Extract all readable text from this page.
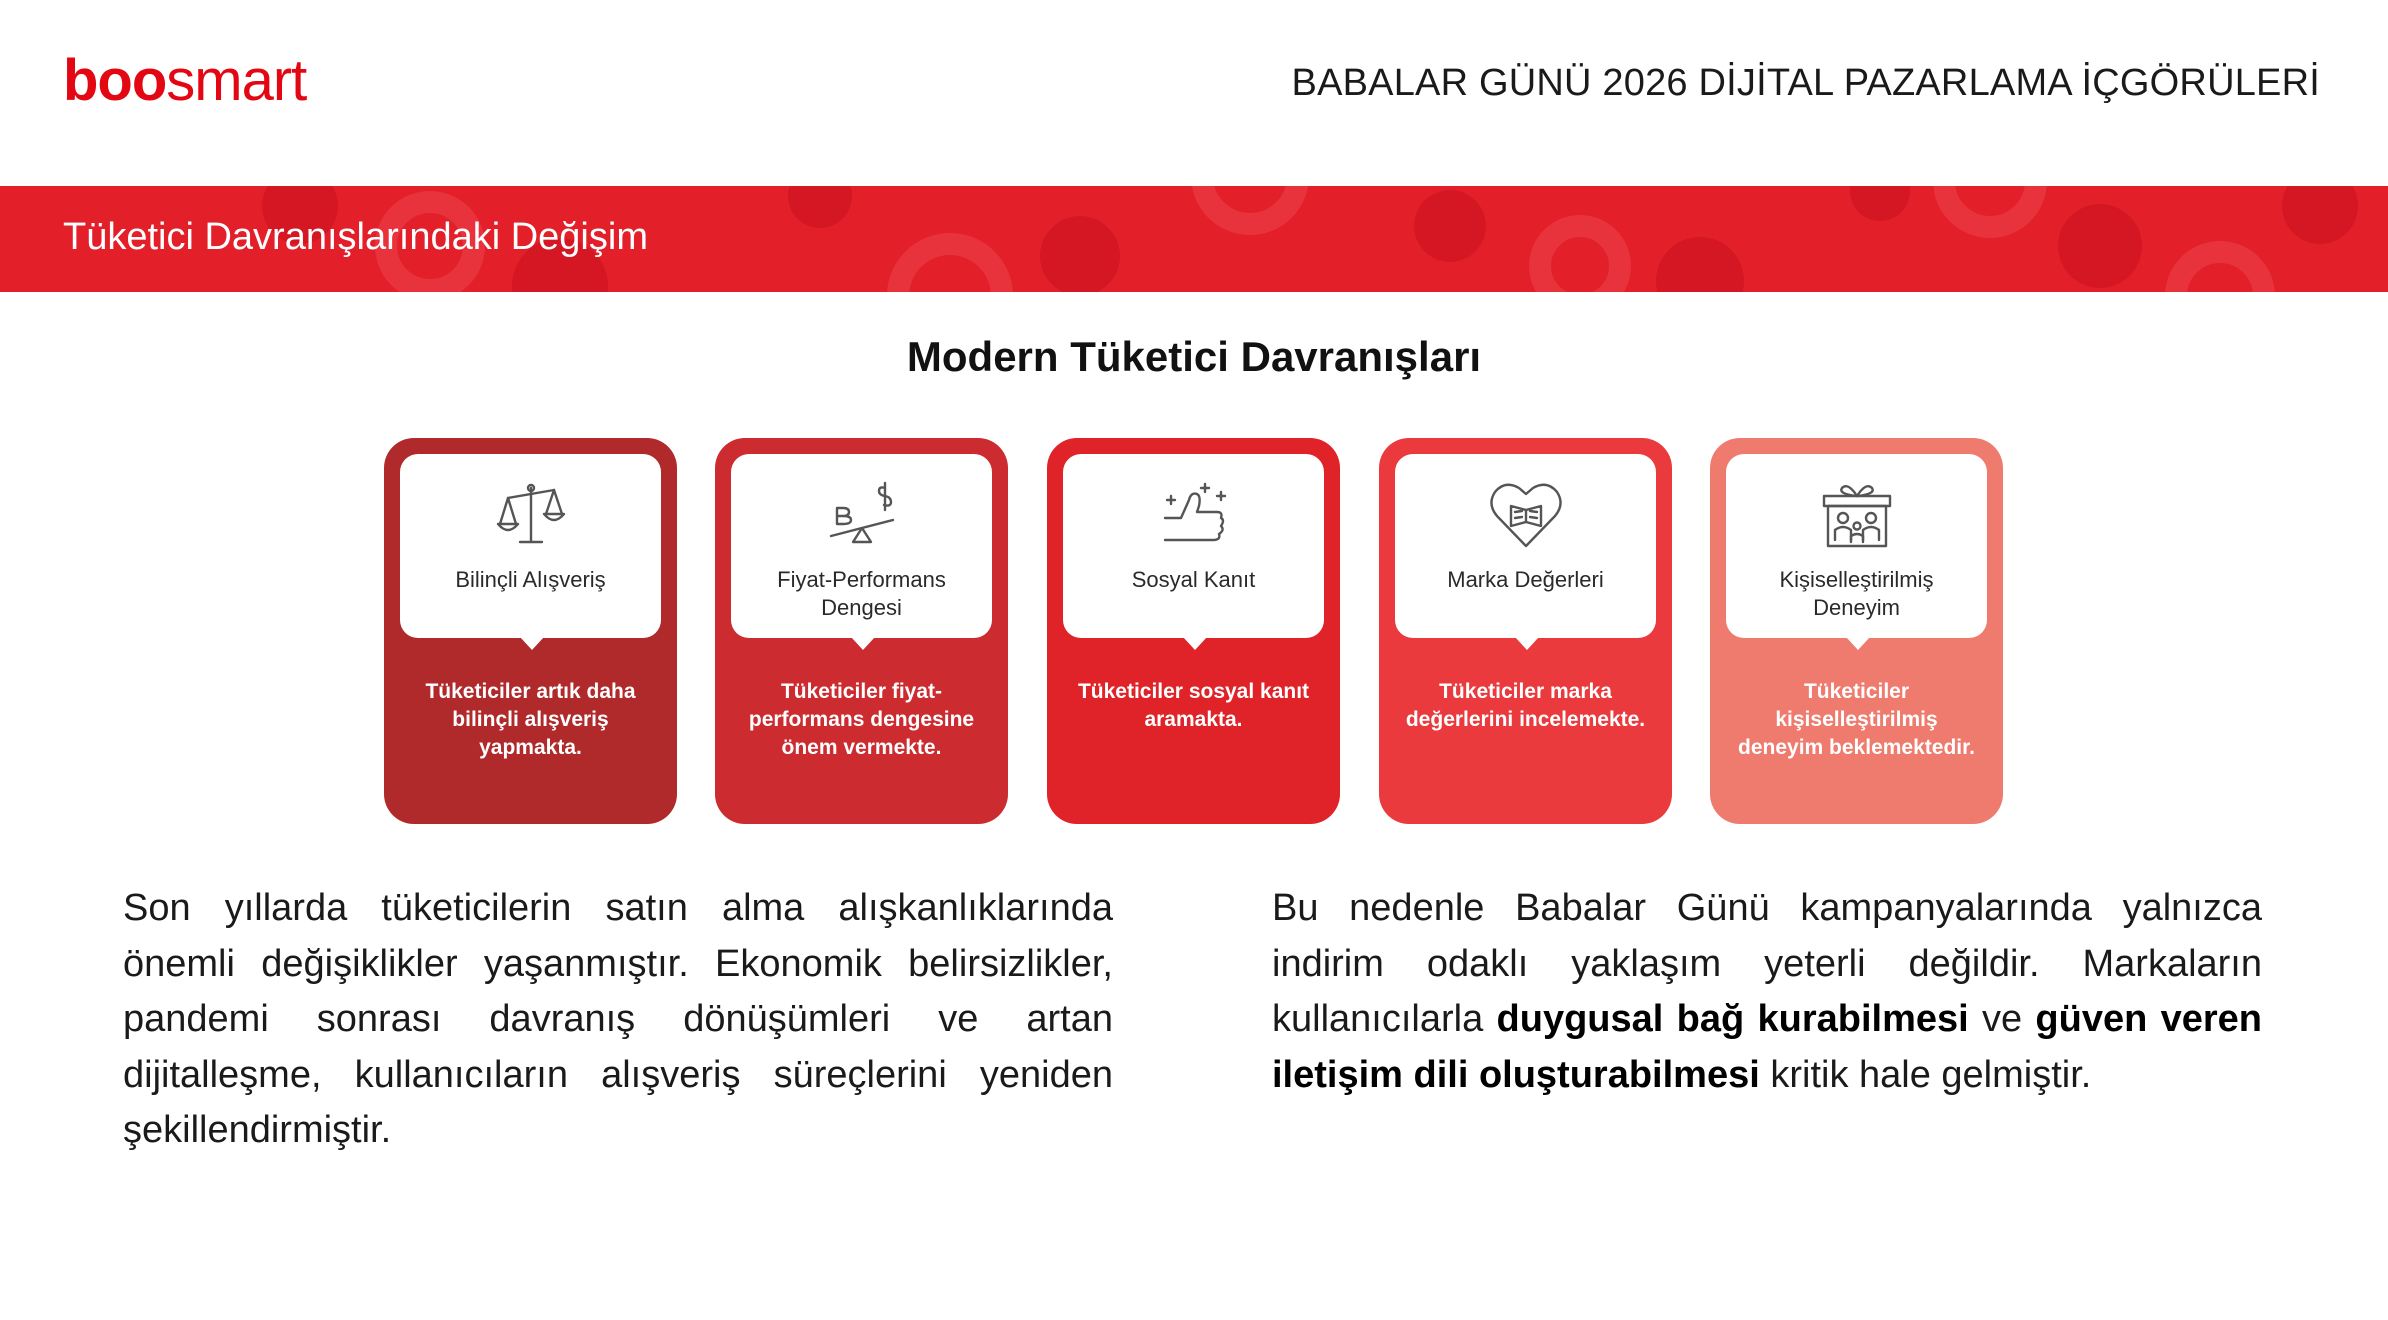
boosmart	BABALAR GÜNÜ 2026 DİJİTAL PAZARLAMA İÇGÖRÜLERİ
Tüketici Davranışlarındaki Değişim
Modern Tüketici Davranışları
Bilinçli Alışveriş
Tüketiciler artık daha bilinçli alışveriş yapmakta.
Fiyat-Performans Dengesi
Tüketiciler fiyat-performans dengesine önem vermekte.
Sosyal Kanıt
Tüketiciler sosyal kanıt aramakta.
Marka Değerleri
Tüketiciler marka değerlerini incelemekte.
Kişiselleştirilmiş Deneyim
Tüketiciler kişiselleştirilmiş deneyim beklemektedir.
Son yıllarda tüketicilerin satın alma alışkanlıklarında önemli değişiklikler yaşanmıştır. Ekonomik belirsizlikler, pandemi sonrası davranış dönüşümleri ve artan dijitalleşme, kullanıcıların alışveriş süreçlerini yeniden şekillendirmiştir.
Bu nedenle Babalar Günü kampanyalarında yalnızca indirim odaklı yaklaşım yeterli değildir. Markaların kullanıcılarla duygusal bağ kurabilmesi ve güven veren iletişim dili oluşturabilmesi kritik hale gelmiştir.
